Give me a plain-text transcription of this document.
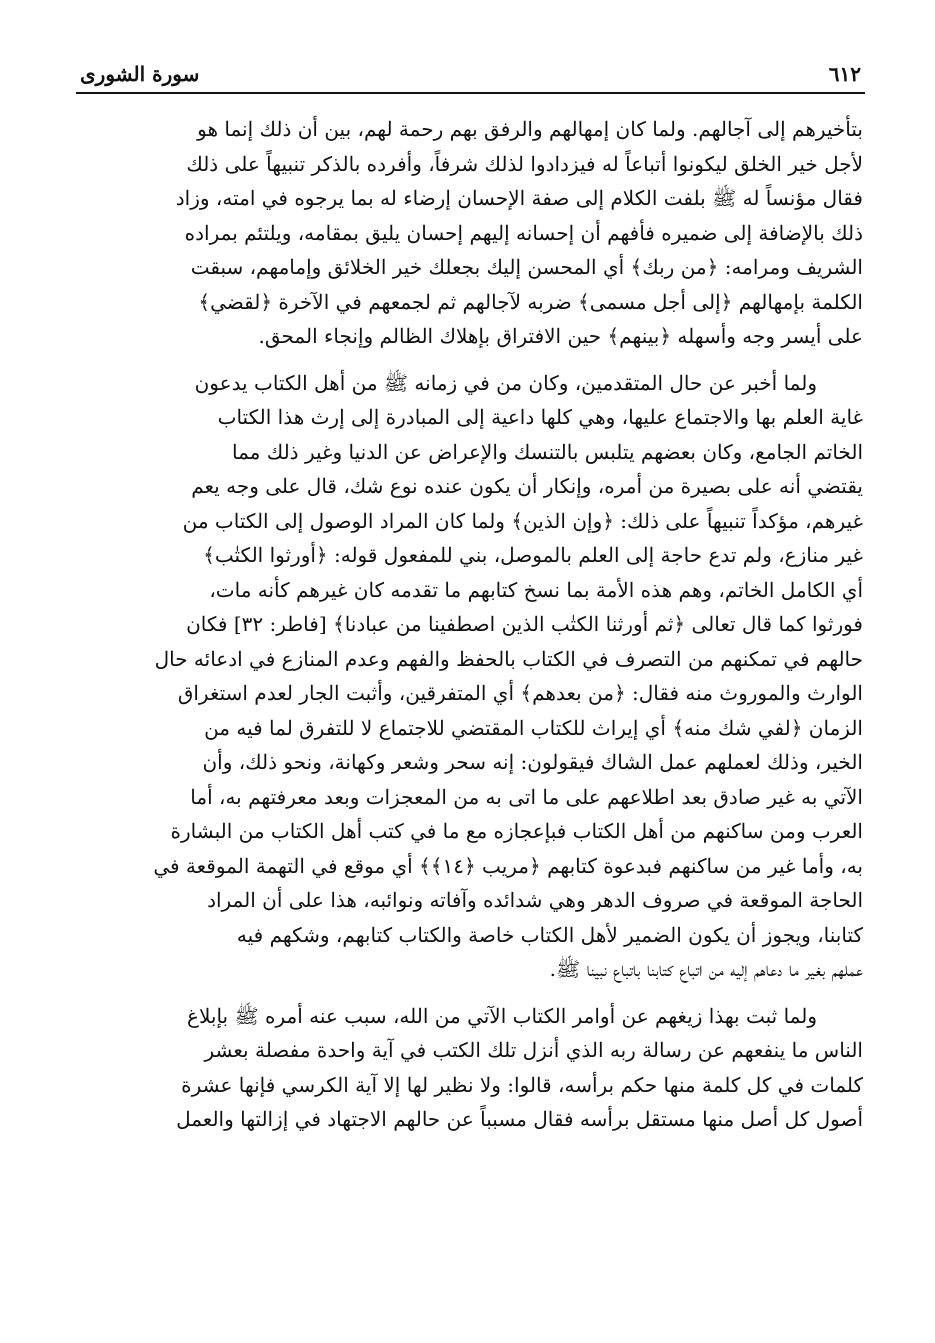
٦١٢
سورة الشورى

بتأخيرهم إلى آجالهم. ولما كان إمهالهم والرفق بهم رحمة لهم، بين أن ذلك إنما هو
لأجل خير الخلق ليكونوا أتباعاً له فيزدادوا لذلك شرفاً، وأفرده بالذكر تنبيهاً على ذلك
فقال مؤنساً له ﷺ بلفت الكلام إلى صفة الإحسان إرضاء له بما يرجوه في امته، وزاد
ذلك بالإضافة إلى ضميره فأفهم أن إحسانه إليهم إحسان يليق بمقامه، ويلتئم بمراده
الشريف ومرامه: ﴿من ربك﴾ أي المحسن إليك بجعلك خير الخلائق وإمامهم، سبقت
الكلمة بإمهالهم ﴿إلى أجل مسمى﴾ ضربه لآجالهم ثم لجمعهم في الآخرة ﴿لقضي﴾
على أيسر وجه وأسهله ﴿بينهم﴾ حين الافتراق بإهلاك الظالم وإنجاء المحق.

ولما أخبر عن حال المتقدمين، وكان من في زمانه ﷺ من أهل الكتاب يدعون
غاية العلم بها والاجتماع عليها، وهي كلها داعية إلى المبادرة إلى إرث هذا الكتاب
الخاتم الجامع، وكان بعضهم يتلبس بالتنسك والإعراض عن الدنيا وغير ذلك مما
يقتضي أنه على بصيرة من أمره، وإنكار أن يكون عنده نوع شك، قال على وجه يعم
غيرهم، مؤكداً تنبيهاً على ذلك: ﴿وإن الذين﴾ ولما كان المراد الوصول إلى الكتاب من
غير منازع، ولم تدع حاجة إلى العلم بالموصل، بني للمفعول قوله: ﴿أورثوا الكتٰب﴾
أي الكامل الخاتم، وهم هذه الأمة بما نسخ كتابهم ما تقدمه كان غيرهم كأنه مات،
فورثوا كما قال تعالى ﴿ثم أورثنا الكتٰب الذين اصطفينا من عبادنا﴾ [فاطر: ٣٢] فكان
حالهم في تمكنهم من التصرف في الكتاب بالحفظ والفهم وعدم المنازع في ادعائه حال
الوارث والموروث منه فقال: ﴿من بعدهم﴾ أي المتفرقين، وأثبت الجار لعدم استغراق
الزمان ﴿لفي شك منه﴾ أي إيراث للكتاب المقتضي للاجتماع لا للتفرق لما فيه من
الخير، وذلك لعملهم عمل الشاك فيقولون: إنه سحر وشعر وكهانة، ونحو ذلك، وأن
الآتي به غير صادق بعد اطلاعهم على ما اتى به من المعجزات وبعد معرفتهم به، أما
العرب ومن ساكنهم من أهل الكتاب فبإعجازه مع ما في كتب أهل الكتاب من البشارة
به، وأما غير من ساكنهم فبدعوة كتابهم ﴿مريب ﴿١٤﴾﴾ أي موقع في التهمة الموقعة في
الحاجة الموقعة في صروف الدهر وهي شدائده وآفاته ونوائبه، هذا على أن المراد
كتابنا، ويجوز أن يكون الضمير لأهل الكتاب خاصة والكتاب كتابهم، وشكهم فيه
عملهم بغير ما دعاهم إليه من اتباع كتابنا باتباع نبينا ﷺ.

ولما ثبت بهذا زيغهم عن أوامر الكتاب الآتي من الله، سبب عنه أمره ﷺ بإبلاغ
الناس ما ينفعهم عن رسالة ربه الذي أنزل تلك الكتب في آية واحدة مفصلة بعشر
كلمات في كل كلمة منها حكم برأسه، قالوا: ولا نظير لها إلا آية الكرسي فإنها عشرة
أصول كل أصل منها مستقل برأسه فقال مسبباً عن حالهم الاجتهاد في إزالتها والعمل
